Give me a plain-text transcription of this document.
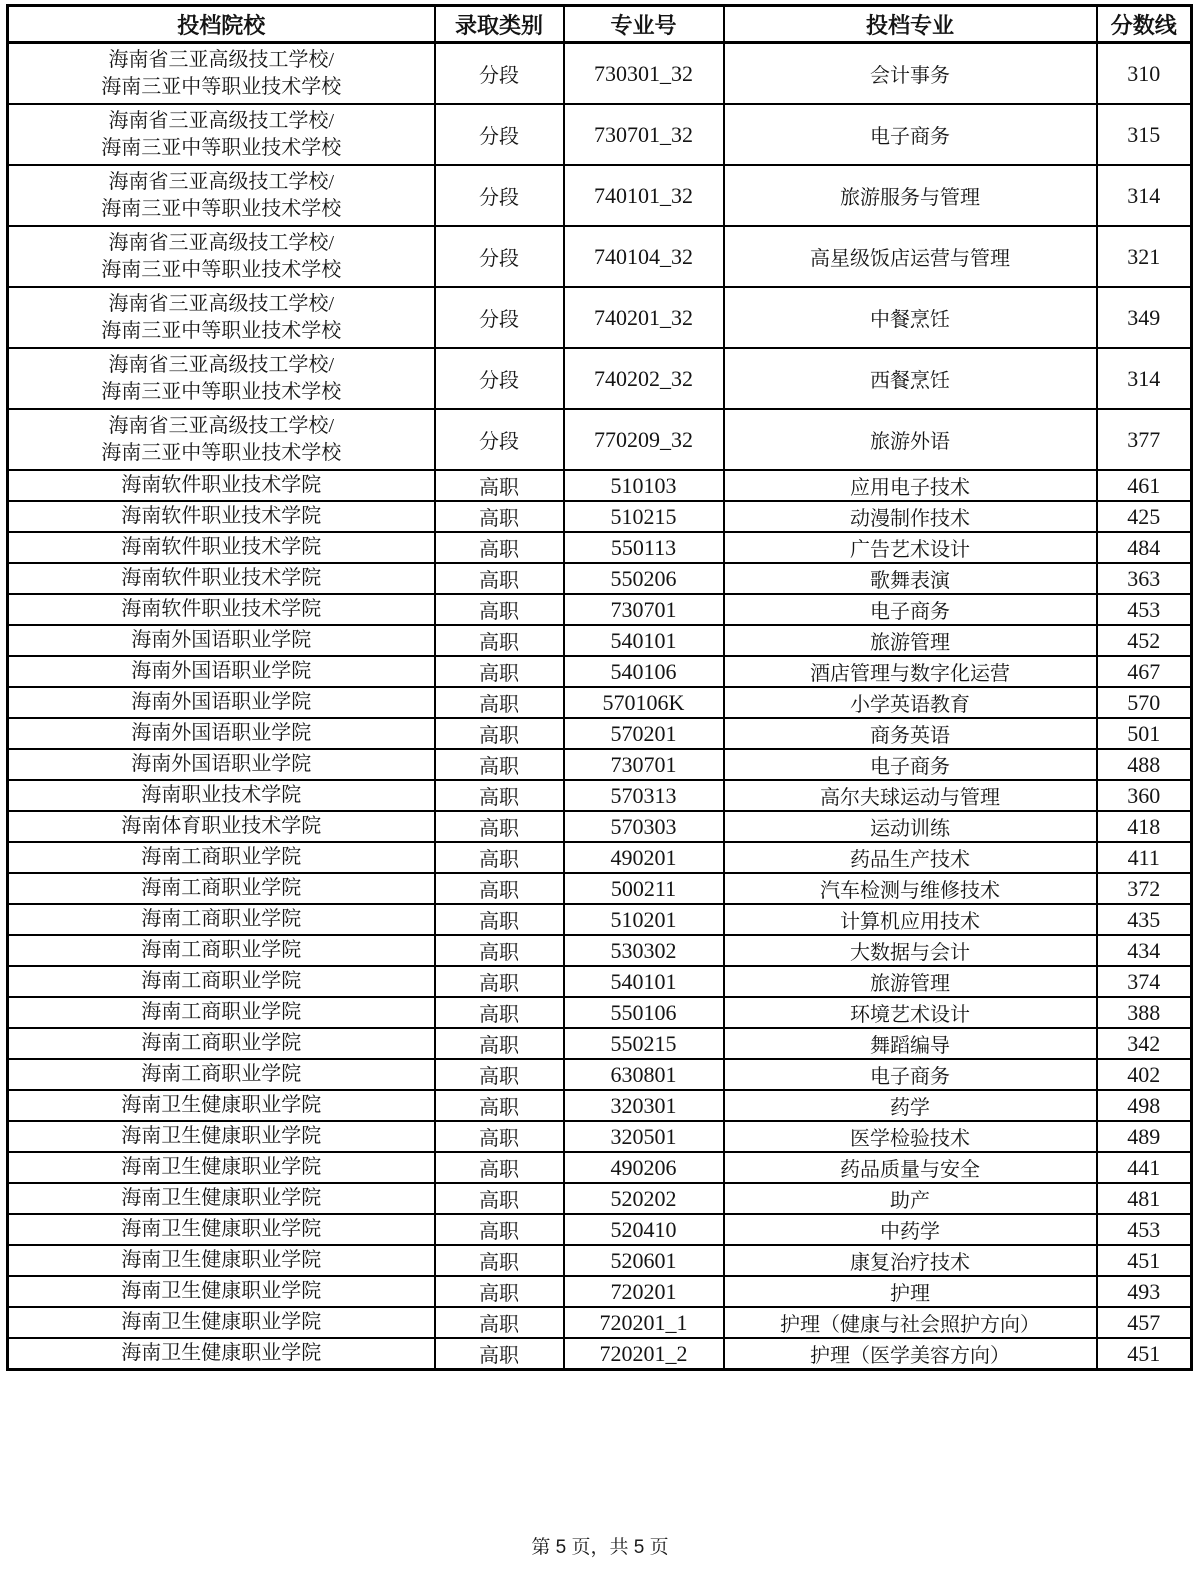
投档院校	录取类别	专业号	投档专业	分数线

海南省三亚高级技工学校/
海南三亚中等职业技术学校	分段	730301_32	会计事务	310

海南省三亚高级技工学校/
海南三亚中等职业技术学校	分段	730701_32	电子商务	315

海南省三亚高级技工学校/
海南三亚中等职业技术学校	分段	740101_32	旅游服务与管理	314

海南省三亚高级技工学校/
海南三亚中等职业技术学校	分段	740104_32	高星级饭店运营与管理	321

海南省三亚高级技工学校/
海南三亚中等职业技术学校	分段	740201_32	中餐烹饪	349

海南省三亚高级技工学校/
海南三亚中等职业技术学校	分段	740202_32	西餐烹饪	314

海南省三亚高级技工学校/
海南三亚中等职业技术学校	分段	770209_32	旅游外语	377

海南软件职业技术学院	高职	510103	应用电子技术	461

海南软件职业技术学院	高职	510215	动漫制作技术	425

海南软件职业技术学院	高职	550113	广告艺术设计	484

海南软件职业技术学院	高职	550206	歌舞表演	363

海南软件职业技术学院	高职	730701	电子商务	453

海南外国语职业学院	高职	540101	旅游管理	452

海南外国语职业学院	高职	540106	酒店管理与数字化运营	467

海南外国语职业学院	高职	570106K	小学英语教育	570

海南外国语职业学院	高职	570201	商务英语	501

海南外国语职业学院	高职	730701	电子商务	488

海南职业技术学院	高职	570313	高尔夫球运动与管理	360

海南体育职业技术学院	高职	570303	运动训练	418

海南工商职业学院	高职	490201	药品生产技术	411

海南工商职业学院	高职	500211	汽车检测与维修技术	372

海南工商职业学院	高职	510201	计算机应用技术	435

海南工商职业学院	高职	530302	大数据与会计	434

海南工商职业学院	高职	540101	旅游管理	374

海南工商职业学院	高职	550106	环境艺术设计	388

海南工商职业学院	高职	550215	舞蹈编导	342

海南工商职业学院	高职	630801	电子商务	402

海南卫生健康职业学院	高职	320301	药学	498

海南卫生健康职业学院	高职	320501	医学检验技术	489

海南卫生健康职业学院	高职	490206	药品质量与安全	441

海南卫生健康职业学院	高职	520202	助产	481

海南卫生健康职业学院	高职	520410	中药学	453

海南卫生健康职业学院	高职	520601	康复治疗技术	451

海南卫生健康职业学院	高职	720201	护理	493

海南卫生健康职业学院	高职	720201_1	护理（健康与社会照护方向）	457

海南卫生健康职业学院	高职	720201_2	护理（医学美容方向）	451
第 5 页，共 5 页
